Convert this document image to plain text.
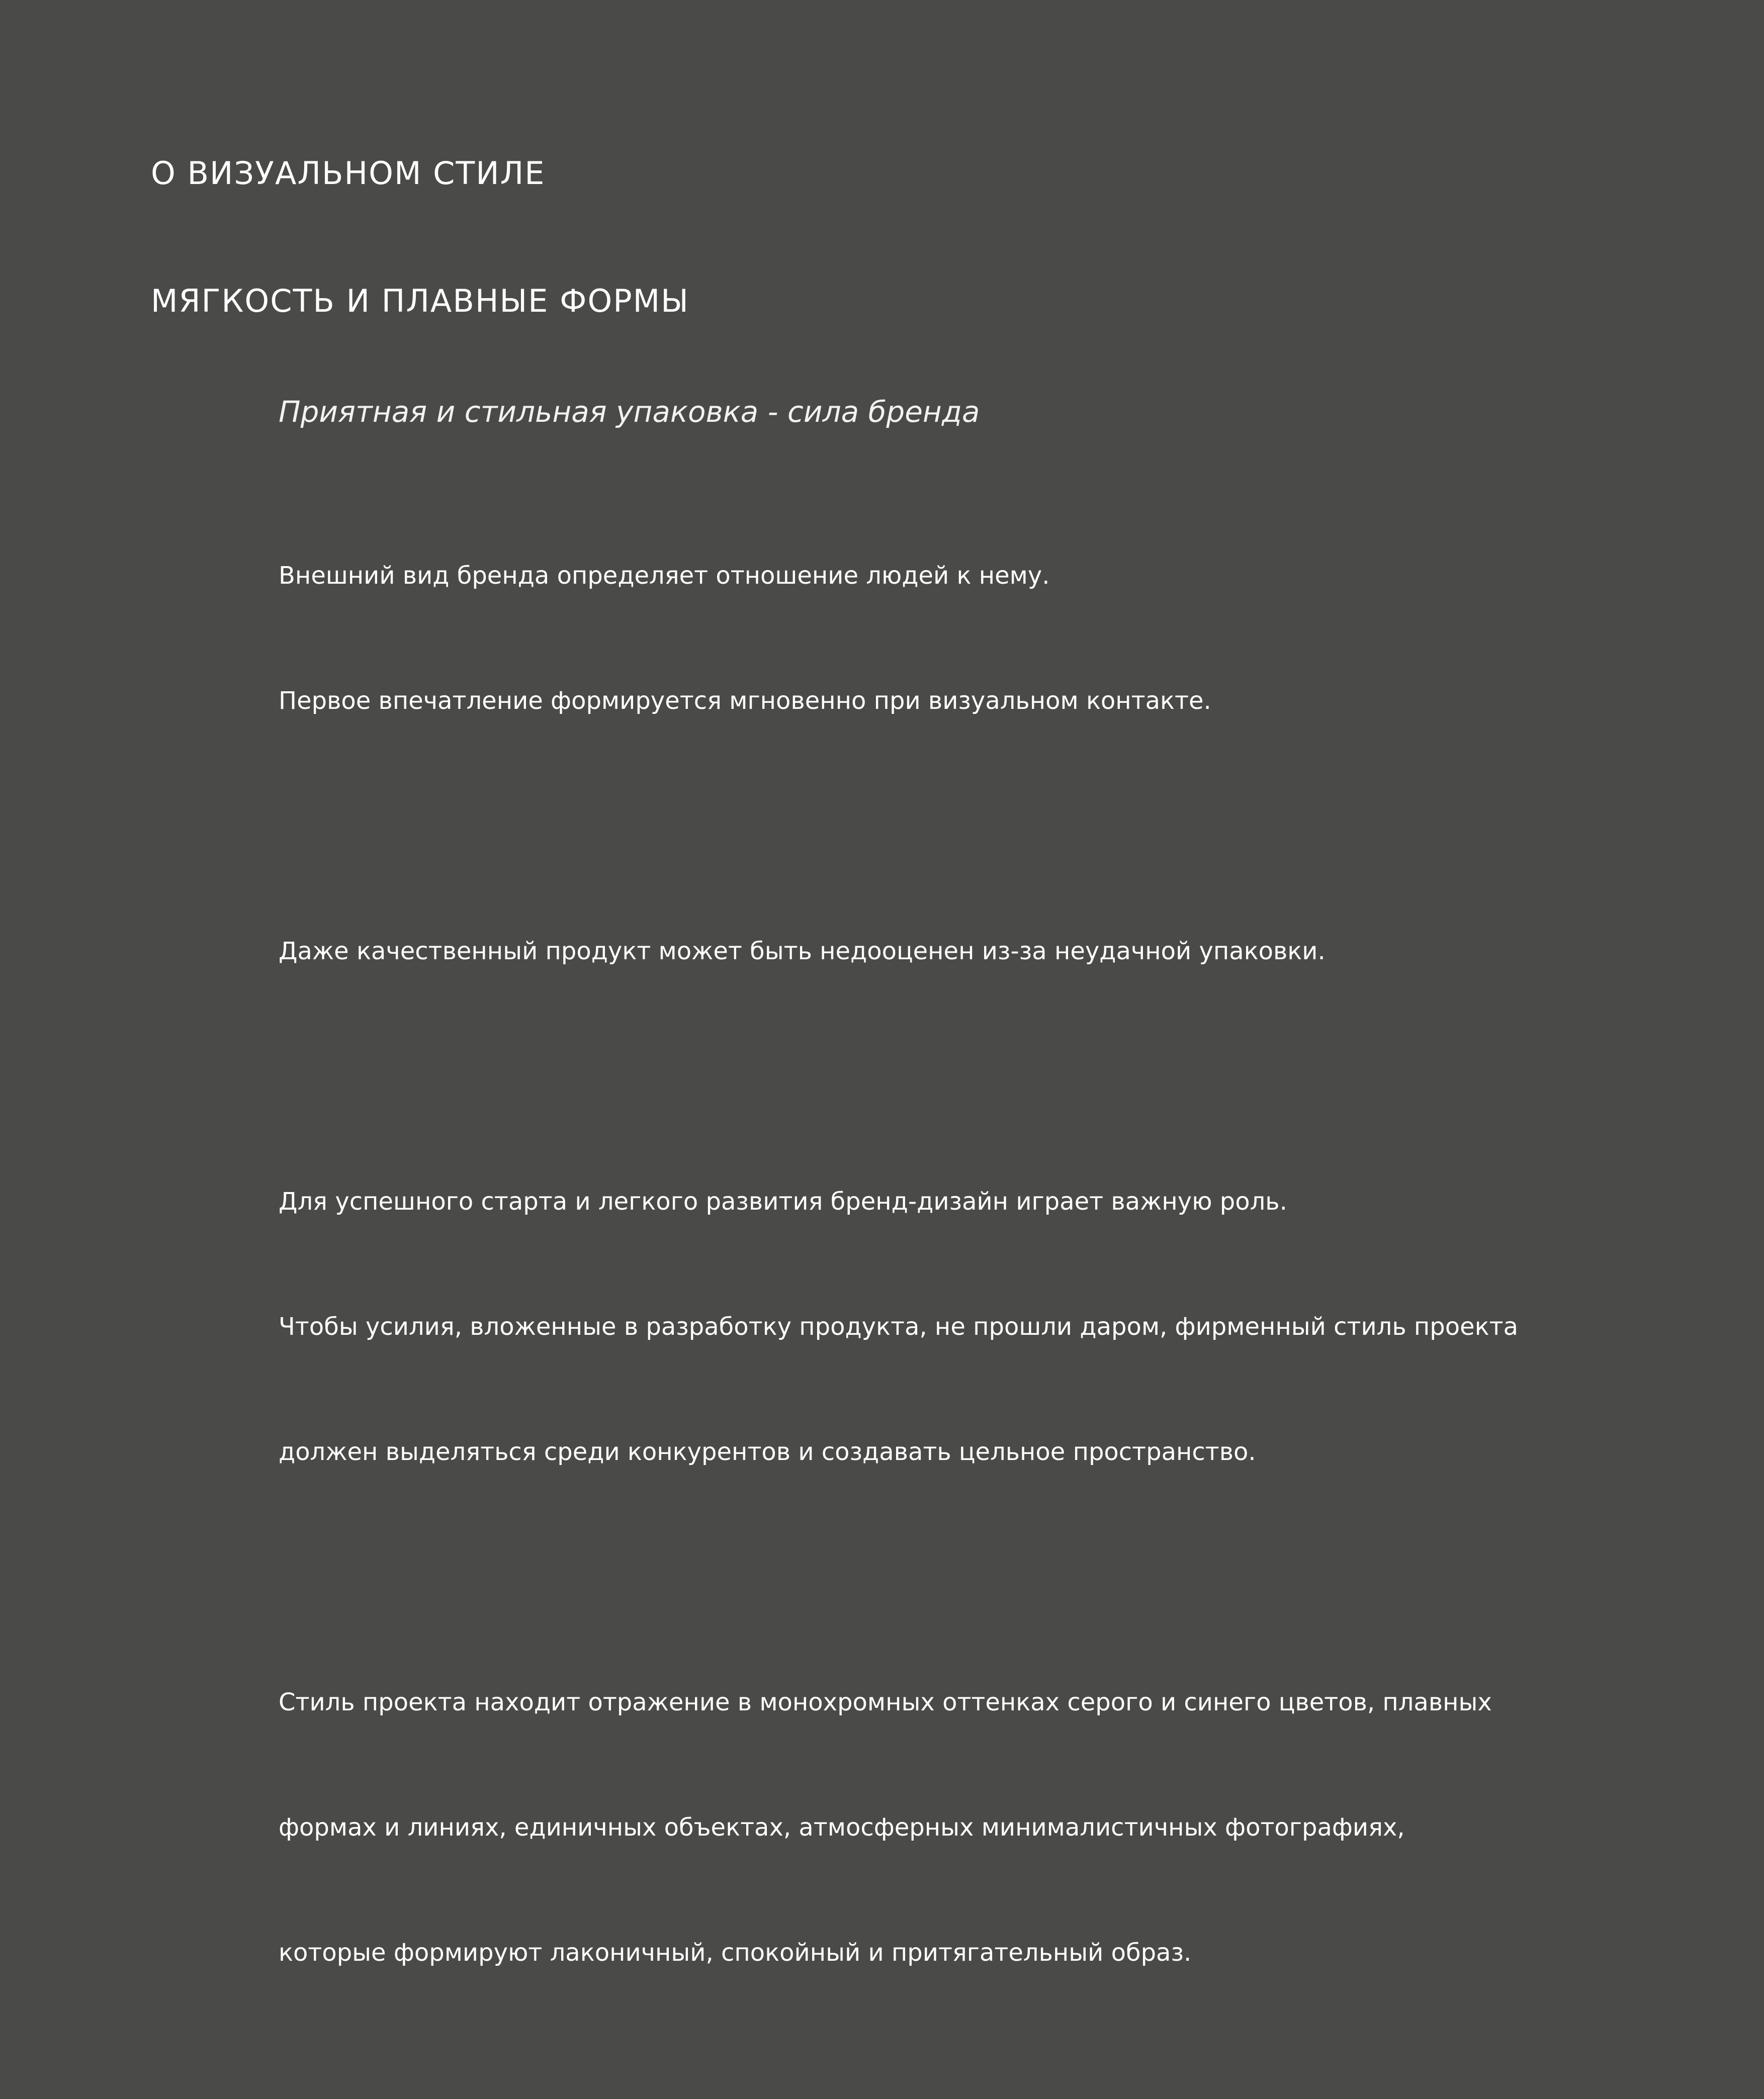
О ВИЗУАЛЬНОМ СТИЛЕ
МЯГКОСТЬ И ПЛАВНЫЕ ФОРМЫ

Приятная и стильная упаковка - сила бренда

Внешний вид бренда определяет отношение людей к нему.

Первое впечатление формируется мгновенно при визуальном контакте.

Даже качественный продукт может быть недооценен из-за неудачной упаковки.

Для успешного старта и легкого развития бренд-дизайн играет важную роль.

Чтобы усилия, вложенные в разработку продукта, не прошли даром, фирменный стиль проекта

должен выделяться среди конкурентов и создавать цельное пространство.

Стиль проекта находит отражение в монохромных оттенках серого и синего цветов, плавных

формах и линиях, единичных объектах, атмосферных минималистичных фотографиях,

которые формируют лаконичный, спокойный и притягательный образ.
